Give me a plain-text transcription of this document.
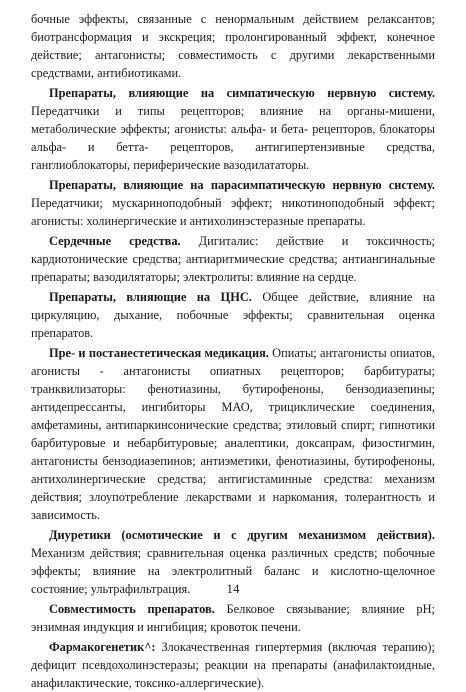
бочные эффекты, связанные с ненормальным действием релаксантов; биотрансформация и экскреция; пролонгированный эффект, конечное действие; антагонисты; совместимость с другими лекарственными средствами, антибиотиками.

Препараты, влияющие на симпатическую нервную систему. Передатчики и типы рецепторов; влияние на органы-мишени, метаболические эффекты; агонисты: альфа- и бета- рецепторов, блокаторы альфа- и бетта- рецепторов, антигипертензивные средства, ганглиоблокаторы, периферические вазодилататоры.

Препараты, влияющие на парасимпатическую нервную систему. Передатчики; мускариноподобный эффект; никотиноподобный эффект; агонисты: холинергические и антихолинэстеразные препараты.

Сердечные средства. Дигиталис: действие и токсичность; кардиотонические средства; антиаритмические средства; антиангинальные препараты; вазодилятаторы; электролиты: влияние на сердце.

Препараты, влияющие на ЦНС. Общее действие, влияние на циркуляцию, дыхание, побочные эффекты; сравнительная оценка препаратов.

Пре- и постанестетическая медикация. Опиаты; антагонисты опиатов, агонисты - антагонисты опиатных рецепторов; барбитураты; транквилизаторы: фенотиазины, бутирофеноны, бензодиазепины; антидепрессанты, ингибиторы МАО, трициклические соединения, амфетамины, антипаркинсонические средства; этиловый спирт; гипнотики барбитуровые и небарбитуровые; аналептики, доксапрам, физостигмин, антагонисты бензодиазепинов; антиэметики, фенотиазины, бутирофеноны, антихолинергические средства; антигистаминные средства: механизм действия; злоупотребление лекарствами и наркомания, толерантность и зависимость.

Диуретики (осмотические и с другим механизмом действия). Механизм действия; сравнительная оценка различных средств; побочные эффекты; влияние на электролитный баланс и кислотно-щелочное состояние; ультрафильтрация.

Совместимость препаратов. Белковое связывание; влияние pH; энзимная индукция и ингибиция; кровоток печени.

Фармакогенетик^: Злокачественная гипертермия (включая терапию); дефицит псевдохолинэстеразы; реакции на препараты (анафилактоидные, анафилактические, токсико-аллергические).

14
